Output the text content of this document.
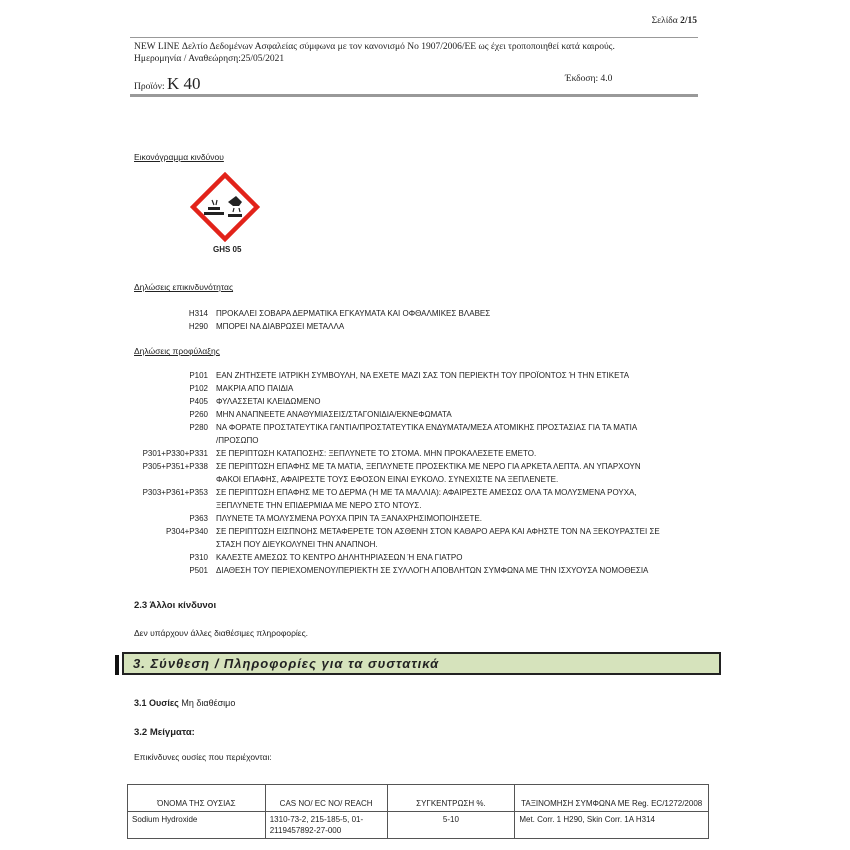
Σελίδα 2/15
NEW LINE Δελτίο Δεδομένων Ασφαλείας σύμφωνα με τον κανονισμό Νο 1907/2006/ΕΕ ως έχει τροποποιηθεί κατά καιρούς.
Ημερομηνία / Αναθεώρηση:25/05/2021
Προϊόν: K 40	Έκδοση: 4.0
Εικονόγραμμα κινδύνου
GHS 05
Δηλώσεις επικινδυνότητας
H314 ΠΡΟΚΑΛΕΙ ΣΟΒΑΡΑ ΔΕΡΜΑΤΙΚΑ ΕΓΚΑΥΜΑΤΑ ΚΑΙ ΟΦΘΑΛΜΙΚΕΣ ΒΛΑΒΕΣ
H290 ΜΠΟΡΕΙ ΝΑ ΔΙΑΒΡΩΣΕΙ ΜΕΤΑΛΛΑ
Δηλώσεις προφύλαξης
P101 ΕΑΝ ΖΗΤΗΣΕΤΕ ΙΑΤΡΙΚΗ ΣΥΜΒΟΥΛΗ, ΝΑ ΕΧΕΤΕ ΜΑΖΙ ΣΑΣ ΤΟΝ ΠΕΡΙΕΚΤΗ ΤΟΥ ΠΡΟΪΟΝΤΟΣ Ή ΤΗΝ ΕΤΙΚΕΤΑ
P102 ΜΑΚΡΙΑ ΑΠΟ ΠΑΙΔΙΑ
P405 ΦΥΛΑΣΣΕΤΑΙ ΚΛΕΙΔΩΜΕΝΟ
P260 ΜΗΝ ΑΝΑΠΝΕΕΤΕ ΑΝΑΘΥΜΙΑΣΕΙΣ/ΣΤΑΓΟΝΙΔΙΑ/ΕΚΝΕΦΩΜΑΤΑ
P280 ΝΑ ΦΟΡΑΤΕ ΠΡΟΣΤΑΤΕΥΤΙΚΑ ΓΑΝΤΙΑ/ΠΡΟΣΤΑΤΕΥΤΙΚΑ ΕΝΔΥΜΑΤΑ/ΜΕΣΑ ΑΤΟΜΙΚΗΣ ΠΡΟΣΤΑΣΙΑΣ ΓΙΑ ΤΑ ΜΑΤΙΑ
/ΠΡΟΣΩΠΟ
P301+P330+P331 ΣΕ ΠΕΡΙΠΤΩΣΗ ΚΑΤΑΠΟΣΗΣ: ΞΕΠΛΥΝΕΤΕ ΤΟ ΣΤΟΜΑ. ΜΗΝ ΠΡΟΚΑΛΕΣΕΤΕ ΕΜΕΤΟ.
P305+P351+P338 ΣΕ ΠΕΡΙΠΤΩΣΗ ΕΠΑΦΗΣ ΜΕ ΤΑ ΜΑΤΙΑ, ΞΕΠΛΥΝΕΤΕ ΠΡΟΣΕΚΤΙΚΑ ΜΕ ΝΕΡΟ ΓΙΑ ΑΡΚΕΤΑ ΛΕΠΤΑ. ΑΝ ΥΠΑΡΧΟΥΝ
ΦΑΚΟΙ ΕΠΑΦΗΣ, ΑΦΑΙΡΕΣΤΕ ΤΟΥΣ ΕΦΟΣΟΝ ΕΙΝΑΙ ΕΥΚΟΛΟ. ΣΥΝΕΧΙΣΤΕ ΝΑ ΞΕΠΛΕΝΕΤΕ.
P303+P361+P353 ΣΕ ΠΕΡΙΠΤΩΣΗ ΕΠΑΦΗΣ ΜΕ ΤΟ ΔΕΡΜΑ (Ή ΜΕ ΤΑ ΜΑΛΛΙΑ): ΑΦΑΙΡΕΣΤΕ ΑΜΕΣΩΣ ΟΛΑ ΤΑ ΜΟΛΥΣΜΕΝΑ ΡΟΥΧΑ,
ΞΕΠΛΥΝΕΤΕ ΤΗΝ ΕΠΙΔΕΡΜΙΔΑ ΜΕ ΝΕΡΟ ΣΤΟ ΝΤΟΥΣ.
P363 ΠΛΥΝΕΤΕ ΤΑ ΜΟΛΥΣΜΕΝΑ ΡΟΥΧΑ ΠΡΙΝ ΤΑ ΞΑΝΑΧΡΗΣΙΜΟΠΟΙΗΣΕΤΕ.
P304+P340 ΣΕ ΠΕΡΙΠΤΩΣΗ ΕΙΣΠΝΟΗΣ ΜΕΤΑΦΕΡΕΤΕ ΤΟΝ ΑΣΘΕΝΗ ΣΤΟΝ ΚΑΘΑΡΟ ΑΕΡΑ ΚΑΙ ΑΦΗΣΤΕ ΤΟΝ ΝΑ ΞΕΚΟΥΡΑΣΤΕΙ ΣΕ
ΣΤΑΣΗ ΠΟΥ ΔΙΕΥΚΟΛΥΝΕΙ ΤΗΝ ΑΝΑΠΝΟΗ.
P310 ΚΑΛΕΣΤΕ ΑΜΕΣΩΣ ΤΟ ΚΕΝΤΡΟ ΔΗΛΗΤΗΡΙΑΣΕΩΝ Ή ΕΝΑ ΓΙΑΤΡΟ
P501 ΔΙΑΘΕΣΗ ΤΟΥ ΠΕΡΙΕΧΟΜΕΝΟΥ/ΠΕΡΙΕΚΤΗ ΣΕ ΣΥΛΛΟΓΗ ΑΠΟΒΛΗΤΩΝ ΣΥΜΦΩΝΑ ΜΕ ΤΗΝ ΙΣΧΥΟΥΣΑ ΝΟΜΟΘΕΣΙΑ
2.3 Άλλοι κίνδυνοι
Δεν υπάρχουν άλλες διαθέσιμες πληροφορίες.
3. Σύνθεση / Πληροφορίες για τα συστατικά
3.1 Ουσίες Μη διαθέσιμο
3.2 Μείγματα:
Επικίνδυνες ουσίες που περιέχονται:
ΌΝΟΜΑ ΤΗΣ ΟΥΣΙΑΣ	CAS NO/ EC NO/ REACH	ΣΥΓΚΕΝΤΡΩΣΗ %.	ΤΑΞΙΝΟΜΗΣΗ ΣΥΜΦΩΝΑ ΜΕ Reg. EC/1272/2008
Sodium Hydroxide	1310-73-2, 215-185-5, 01-2119457892-27-000	5-10	Met. Corr. 1 H290, Skin Corr. 1A H314
